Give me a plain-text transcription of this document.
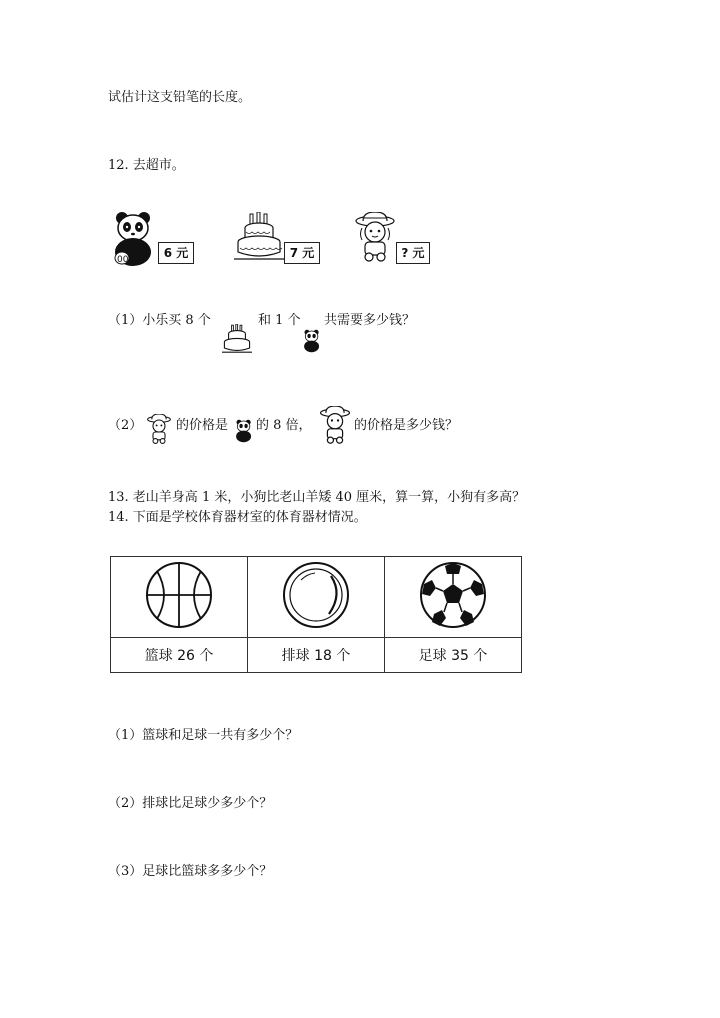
试估计这支铅笔的长度。
12. 去超市。
00	6 元	7 元	? 元
（1）小乐买 8 个	和 1 个 共需要多少钱？
（2）	的价格是 的 8 倍，	的价格是多少钱？
13. 老山羊身高 1 米，小狗比老山羊矮 40 厘米，算一算，小狗有多高？
14. 下面是学校体育器材室的体育器材情况。

篮球 26 个	排球 18 个	足球 35 个
（1）篮球和足球一共有多少个？
（2）排球比足球少多少个？
（3）足球比篮球多多少个？
